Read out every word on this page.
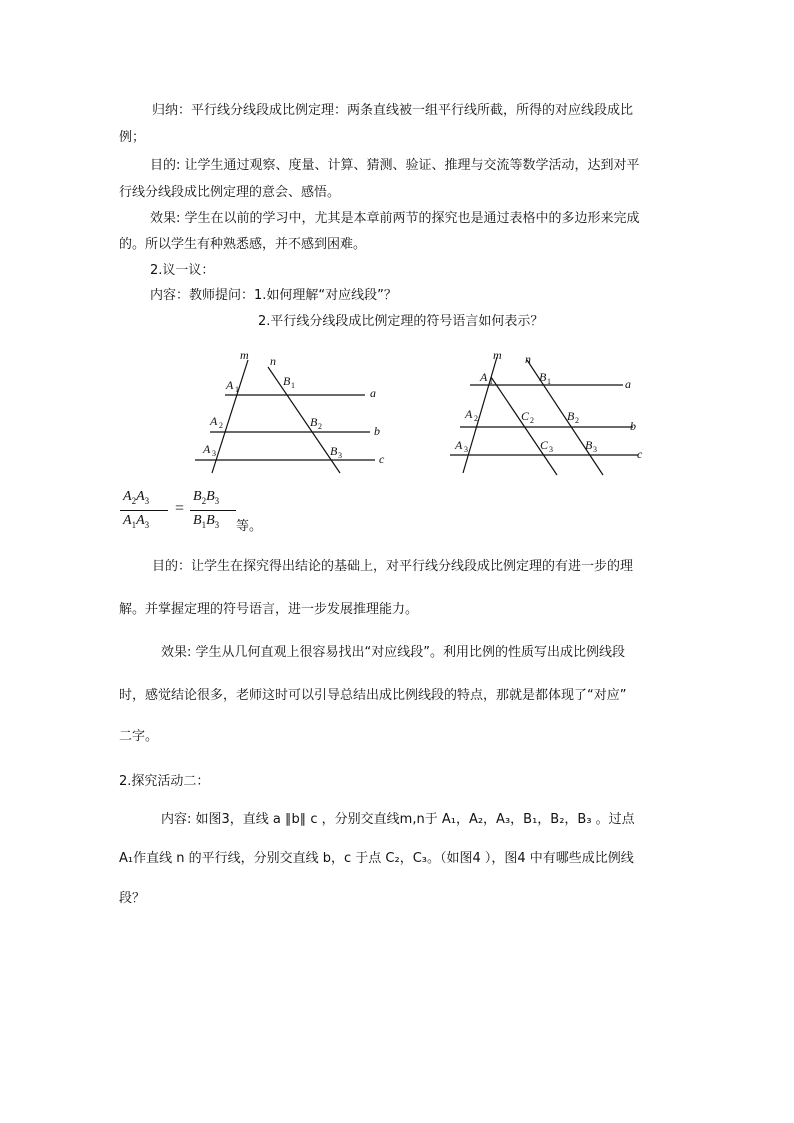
归纳：平行线分线段成比例定理：两条直线被一组平行线所截，所得的对应线段成比
例；
目的: 让学生通过观察、度量、计算、猜测、验证、推理与交流等数学活动，达到对平
行线分线段成比例定理的意会、感悟。
效果: 学生在以前的学习中，尤其是本章前两节的探究也是通过表格中的多边形来完成
的。所以学生有种熟悉感，并不感到困难。
2.议一议：
内容：教师提问：1.如何理解“对应线段”？
2.平行线分线段成比例定理的符号语言如何表示？
m n
a
b
c
A 1
B 1
A 2	B 2
A 3	B 3
m n
a
b
c
A 1	B 1
A 2	C 2	B 2
A 3	C 3	B 3
$A_2A_3$
$A_1A_3$
=
$B_2B_3$
$B_1B_3$ 等。
目的：让学生在探究得出结论的基础上，对平行线分线段成比例定理的有进一步的理
解。并掌握定理的符号语言，进一步发展推理能力。
效果: 学生从几何直观上很容易找出“对应线段”。利用比例的性质写出成比例线段
时，感觉结论很多，老师这时可以引导总结出成比例线段的特点，那就是都体现了“对应”
二字。
2.探究活动二：
内容: 如图3，直线 a ∥b∥ c ，分别交直线m,n于 A₁，A₂，A₃，B₁，B₂，B₃ 。过点
A₁作直线 n 的平行线，分别交直线 b，c 于点 C₂，C₃。（如图4 ），图4 中有哪些成比例线
段？
